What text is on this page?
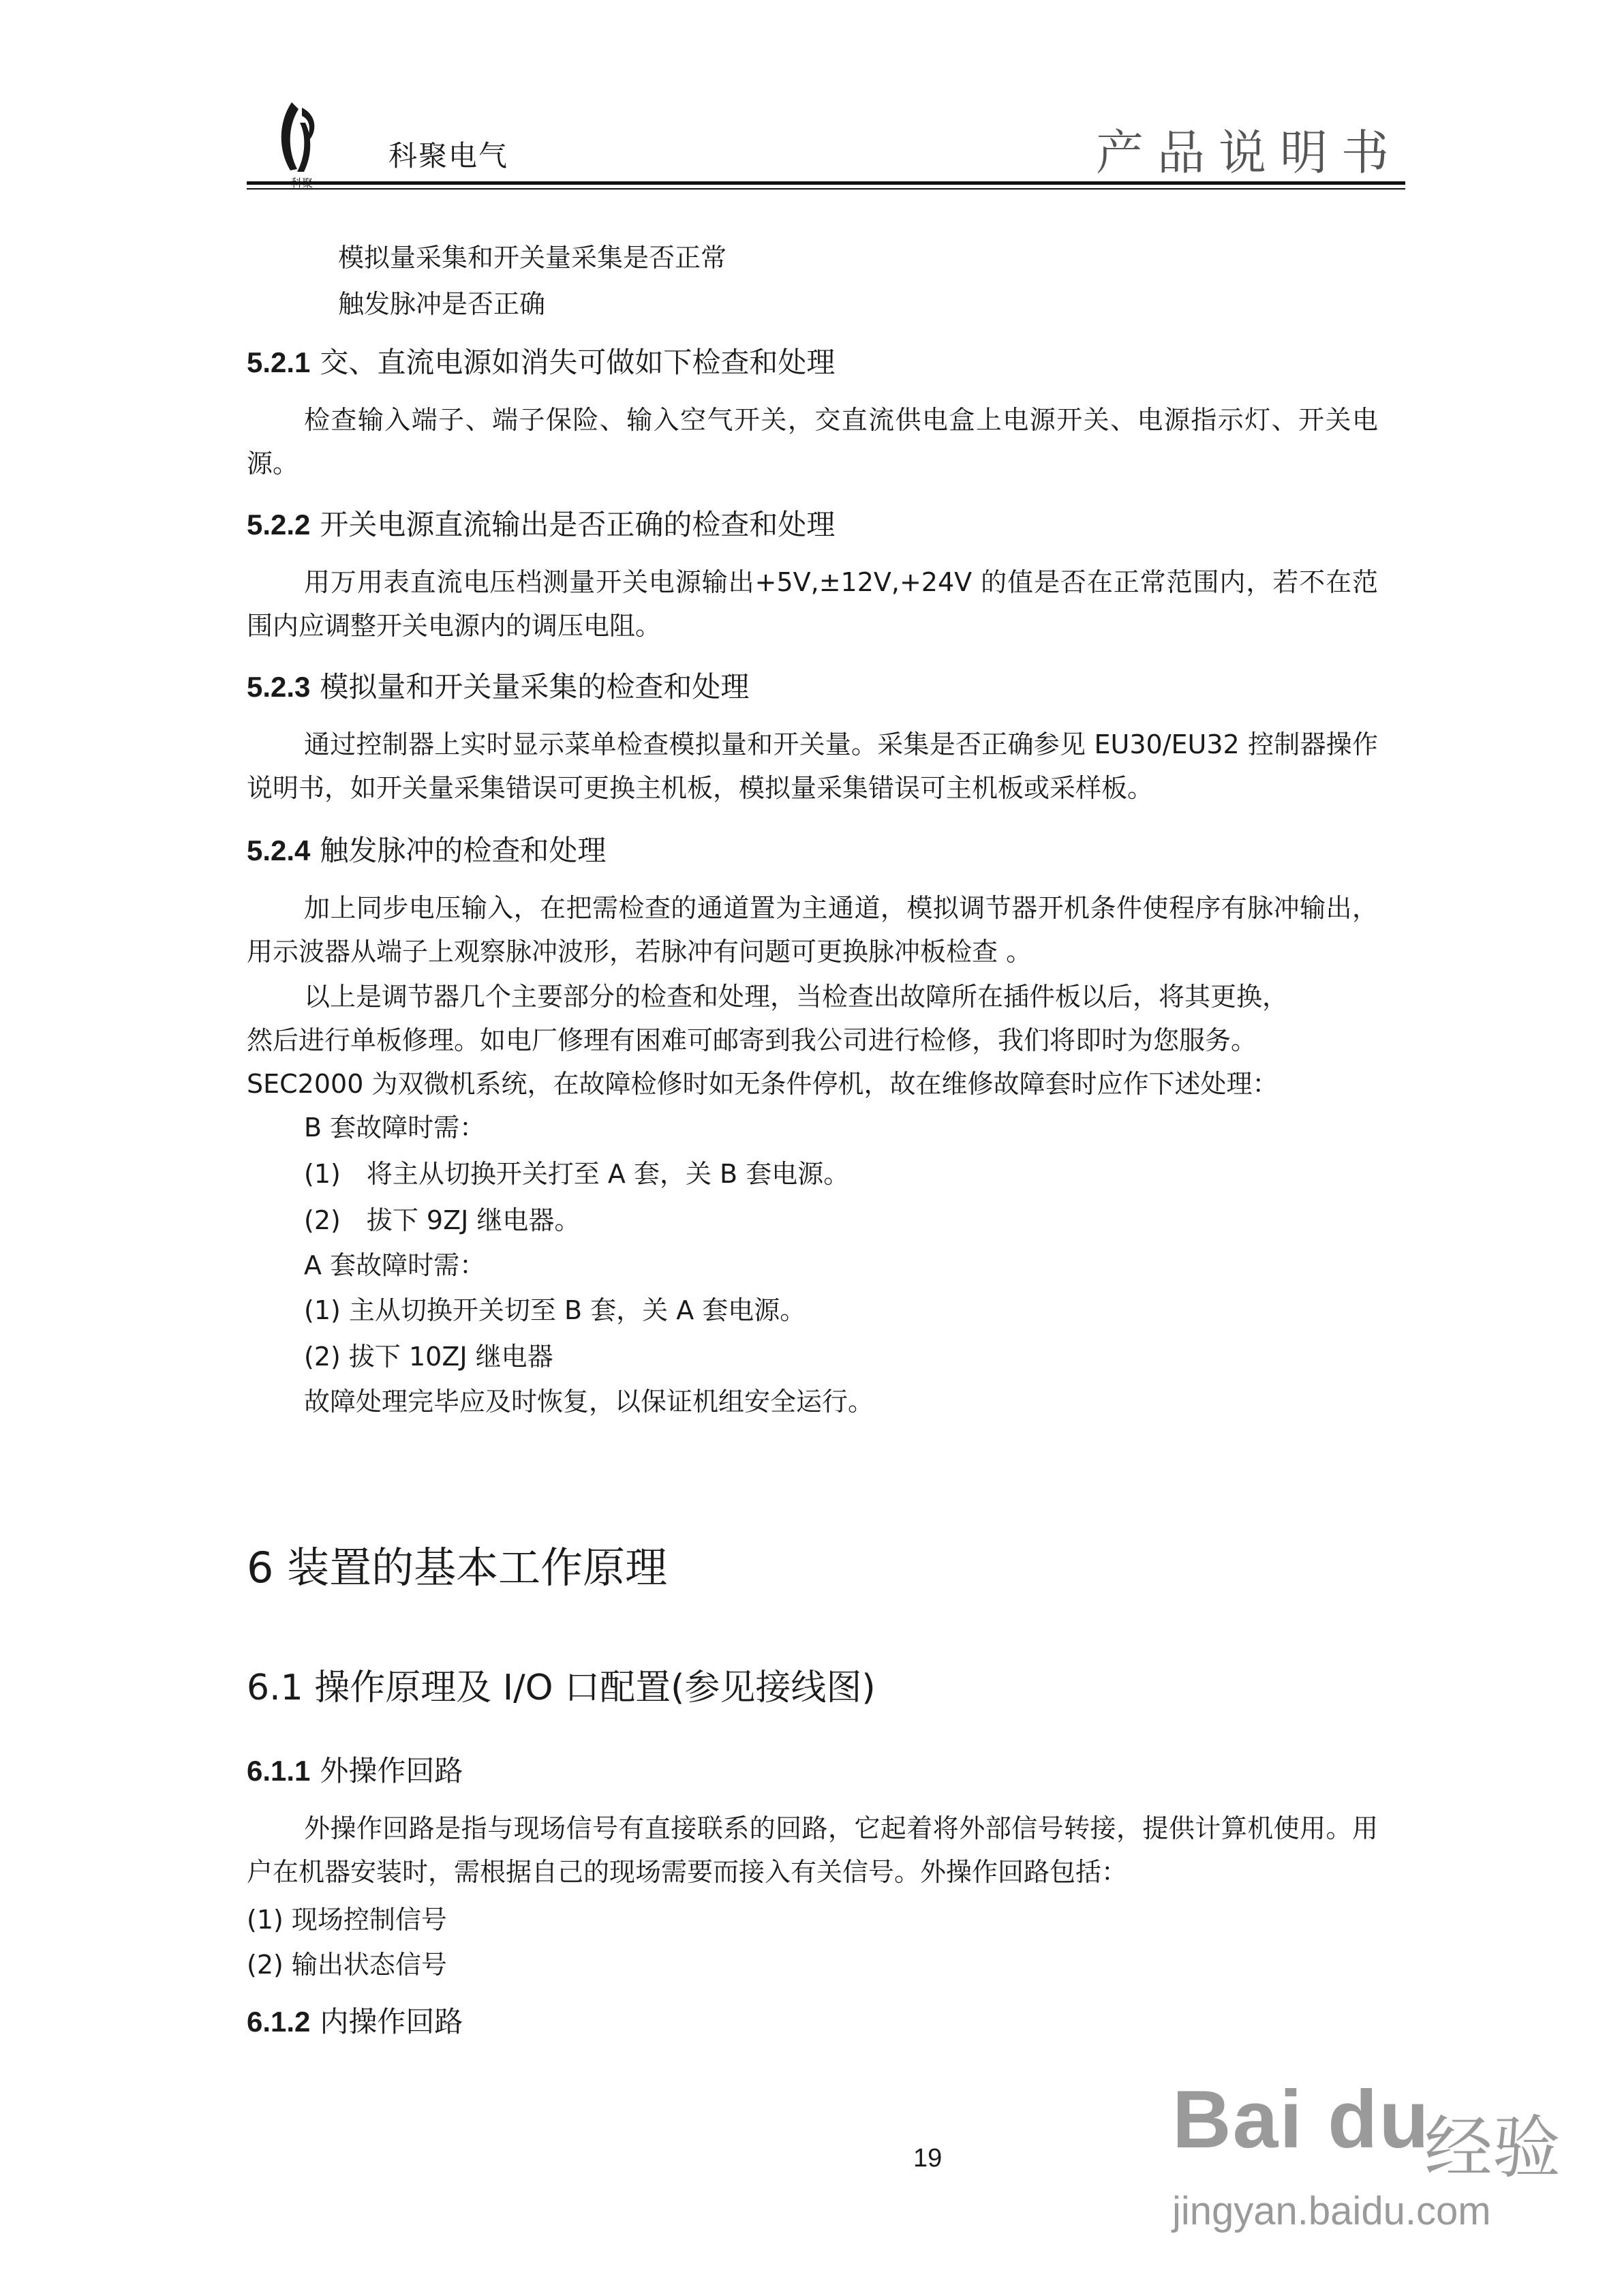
科聚电气	产品说明书
模拟量采集和开关量采集是否正常
触发脉冲是否正确
5.2.1 交、直流电源如消失可做如下检查和处理
检查输入端子、端子保险、输入空气开关，交直流供电盒上电源开关、电源指示灯、开关电源。
5.2.2 开关电源直流输出是否正确的检查和处理
用万用表直流电压档测量开关电源输出+5V,±12V,+24V 的值是否在正常范围内，若不在范围内应调整开关电源内的调压电阻。
5.2.3 模拟量和开关量采集的检查和处理
通过控制器上实时显示菜单检查模拟量和开关量。采集是否正确参见 EU30/EU32 控制器操作说明书，如开关量采集错误可更换主机板，模拟量采集错误可主机板或采样板。
5.2.4 触发脉冲的检查和处理
加上同步电压输入，在把需检查的通道置为主通道，模拟调节器开机条件使程序有脉冲输出，用示波器从端子上观察脉冲波形，若脉冲有问题可更换脉冲板检查 。
以上是调节器几个主要部分的检查和处理，当检查出故障所在插件板以后，将其更换，
然后进行单板修理。如电厂修理有困难可邮寄到我公司进行检修，我们将即时为您服务。
SEC2000 为双微机系统，在故障检修时如无条件停机，故在维修故障套时应作下述处理：
B 套故障时需：
(1)　将主从切换开关打至 A 套，关 B 套电源。
(2)　拔下 9ZJ 继电器。
A 套故障时需：
(1) 主从切换开关切至 B 套，关 A 套电源。
(2) 拔下 10ZJ 继电器
故障处理完毕应及时恢复，以保证机组安全运行。
6 装置的基本工作原理
6.1 操作原理及 I/O 口配置(参见接线图)
6.1.1 外操作回路
外操作回路是指与现场信号有直接联系的回路，它起着将外部信号转接，提供计算机使用。用户在机器安装时，需根据自己的现场需要而接入有关信号。外操作回路包括：
(1) 现场控制信号
(2) 输出状态信号
6.1.2 内操作回路
19	Bai du
经验
jingyan.baidu.com
